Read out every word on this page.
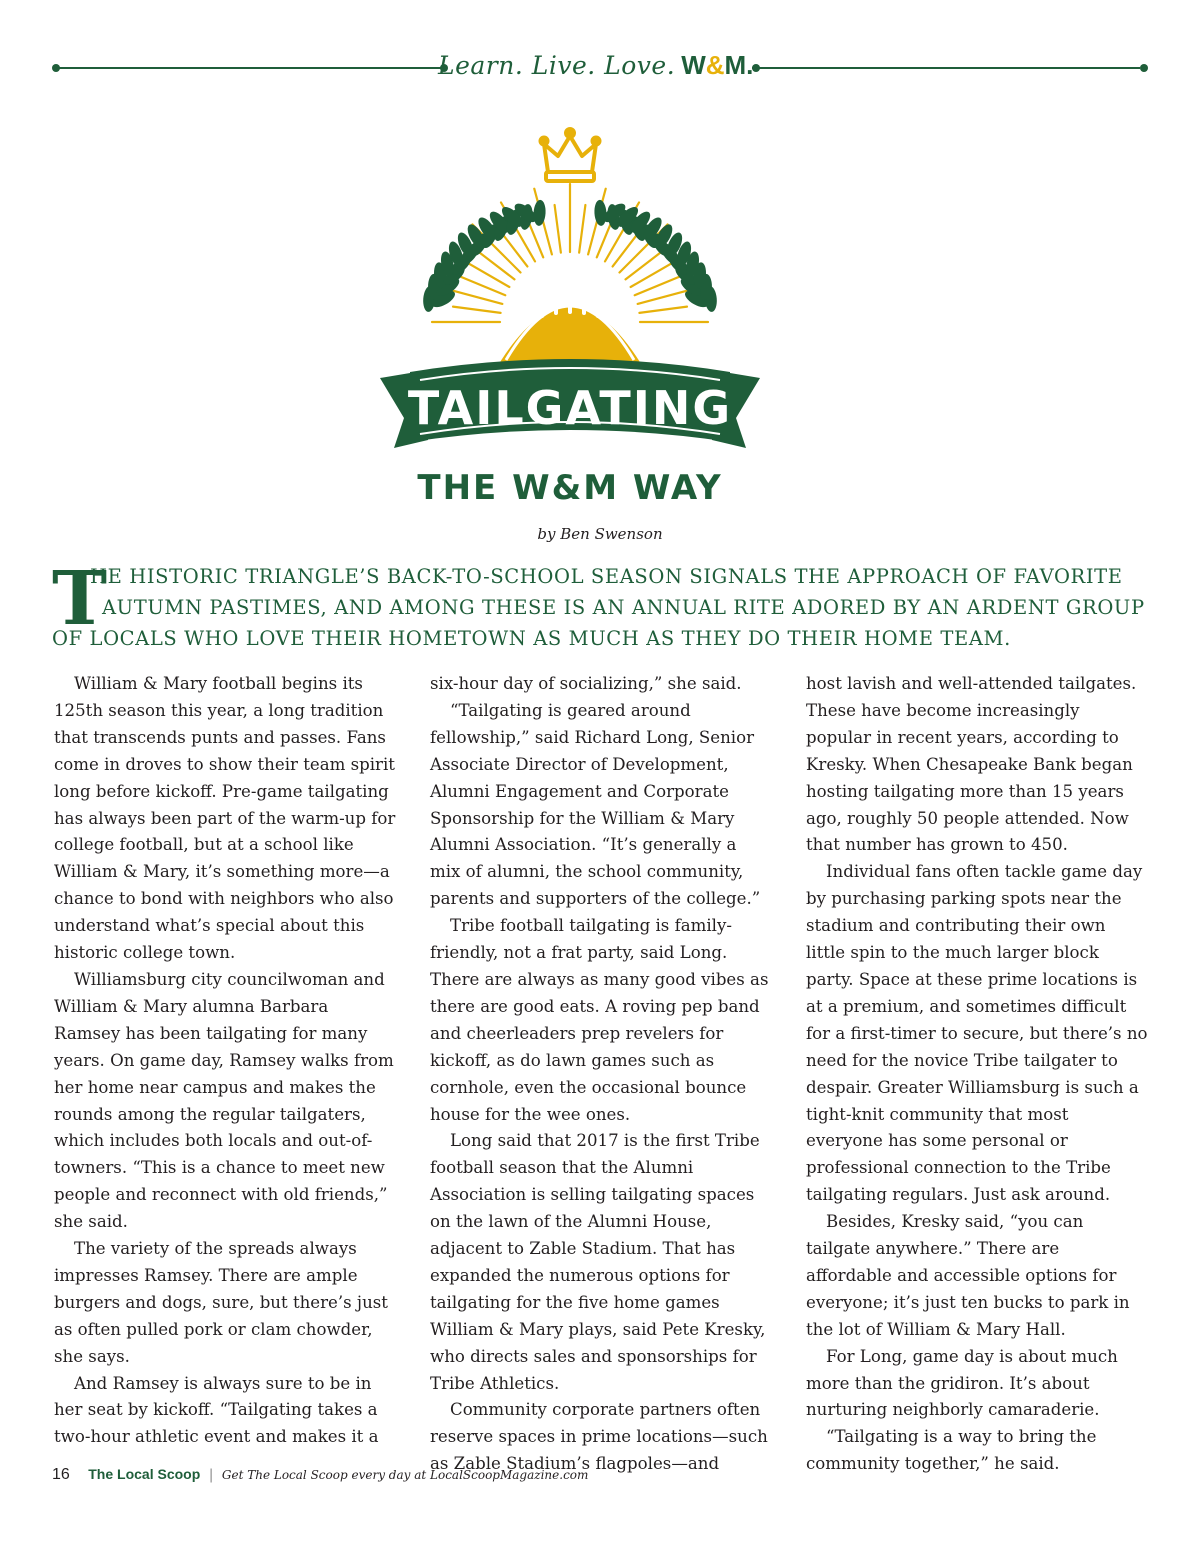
Learn. Live. Love. W&M.
TAILGATING
THE W&M WAY
by Ben Swenson
T
HE HISTORIC TRIANGLE’S BACK-TO-SCHOOL SEASON SIGNALS THE APPROACH OF FAVORITE
AUTUMN PASTIMES, AND AMONG THESE IS AN ANNUAL RITE ADORED BY AN ARDENT GROUP
OF LOCALS WHO LOVE THEIR HOMETOWN AS MUCH AS THEY DO THEIR HOME TEAM.

William & Mary football begins its 125th season this year, a long tradition that transcends punts and passes. Fans come in droves to show their team spirit long before kickoff. Pre-game tailgating has always been part of the warm-up for college football, but at a school like William & Mary, it’s something more—a chance to bond with neighbors who also understand what’s special about this historic college town.

Williamsburg city councilwoman and William & Mary alumna Barbara Ramsey has been tailgating for many years. On game day, Ramsey walks from her home near campus and makes the rounds among the regular tailgaters, which includes both locals and out-of-towners. “This is a chance to meet new people and reconnect with old friends,” she said.

The variety of the spreads always impresses Ramsey. There are ample burgers and dogs, sure, but there’s just as often pulled pork or clam chowder, she says.

And Ramsey is always sure to be in her seat by kickoff. “Tailgating takes a two-hour athletic event and makes it a

six-hour day of socializing,” she said.

“Tailgating is geared around fellowship,” said Richard Long, Senior Associate Director of Development, Alumni Engagement and Corporate Sponsorship for the William & Mary Alumni Association. “It’s generally a mix of alumni, the school community, parents and supporters of the college.”

Tribe football tailgating is family-friendly, not a frat party, said Long. There are always as many good vibes as there are good eats. A roving pep band and cheerleaders prep revelers for kickoff, as do lawn games such as cornhole, even the occasional bounce house for the wee ones.

Long said that 2017 is the first Tribe football season that the Alumni Association is selling tailgating spaces on the lawn of the Alumni House, adjacent to Zable Stadium. That has expanded the numerous options for tailgating for the five home games William & Mary plays, said Pete Kresky, who directs sales and sponsorships for Tribe Athletics.

Community corporate partners often reserve spaces in prime locations—such as Zable Stadium’s flagpoles—and

host lavish and well-attended tailgates. These have become increasingly popular in recent years, according to Kresky. When Chesapeake Bank began hosting tailgating more than 15 years ago, roughly 50 people attended. Now that number has grown to 450.

Individual fans often tackle game day by purchasing parking spots near the stadium and contributing their own little spin to the much larger block party. Space at these prime locations is at a premium, and sometimes difficult for a first-timer to secure, but there’s no need for the novice Tribe tailgater to despair. Greater Williamsburg is such a tight-knit community that most everyone has some personal or professional connection to the Tribe tailgating regulars. Just ask around.

Besides, Kresky said, “you can tailgate anywhere.” There are affordable and accessible options for everyone; it’s just ten bucks to park in the lot of William & Mary Hall.

For Long, game day is about much more than the gridiron. It’s about nurturing neighborly camaraderie.

“Tailgating is a way to bring the community together,” he said.

16 The Local Scoop | Get The Local Scoop every day at LocalScoopMagazine.com
